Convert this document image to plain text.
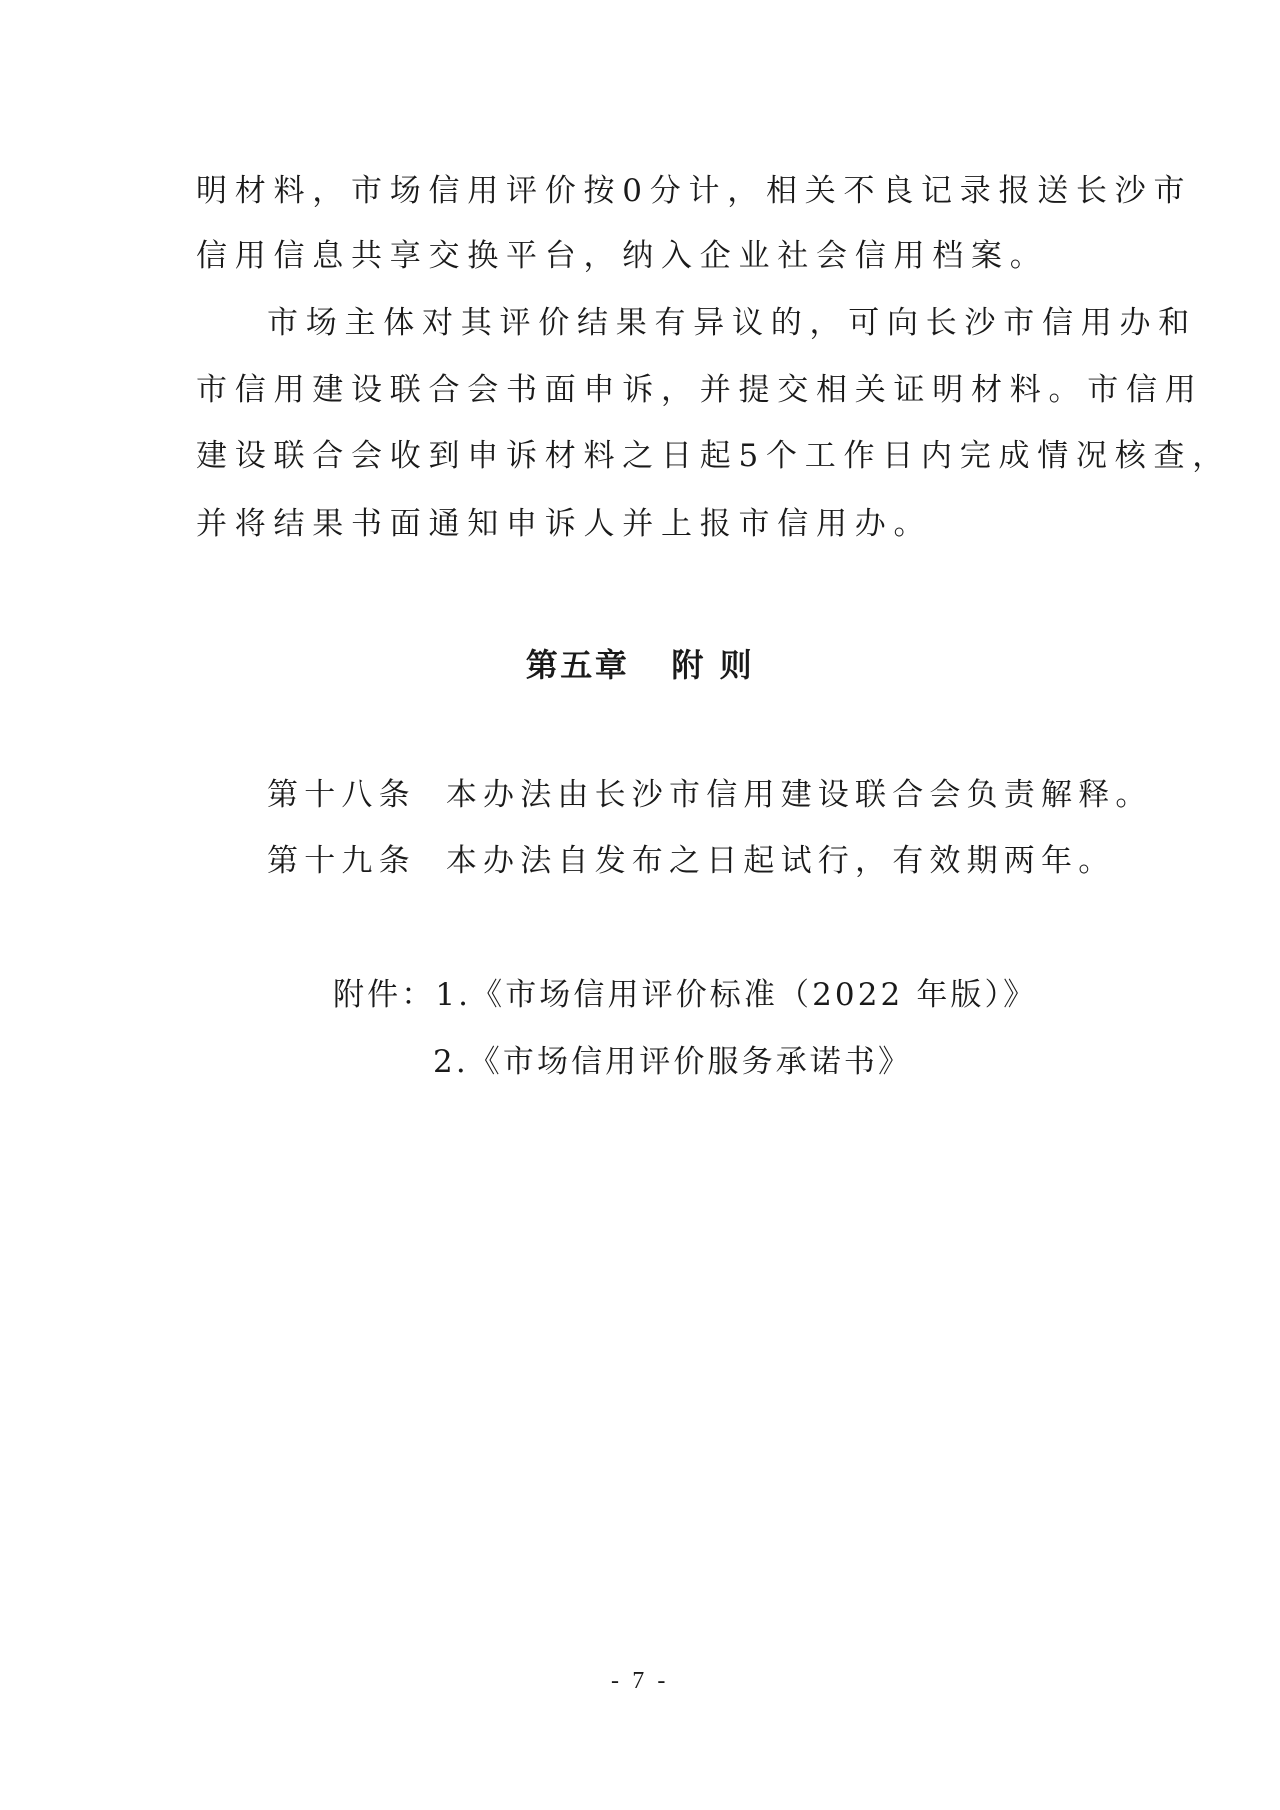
明材料，市场信用评价按0分计，相关不良记录报送长沙市
信用信息共享交换平台，纳入企业社会信用档案。
市场主体对其评价结果有异议的，可向长沙市信用办和
市信用建设联合会书面申诉，并提交相关证明材料。市信用
建设联合会收到申诉材料之日起5个工作日内完成情况核查，
并将结果书面通知申诉人并上报市信用办。
第五章 附 则
第十八条 本办法由长沙市信用建设联合会负责解释。
第十九条 本办法自发布之日起试行，有效期两年。
附件：1.《市场信用评价标准（2022 年版）》
2.《市场信用评价服务承诺书》
- 7 -
